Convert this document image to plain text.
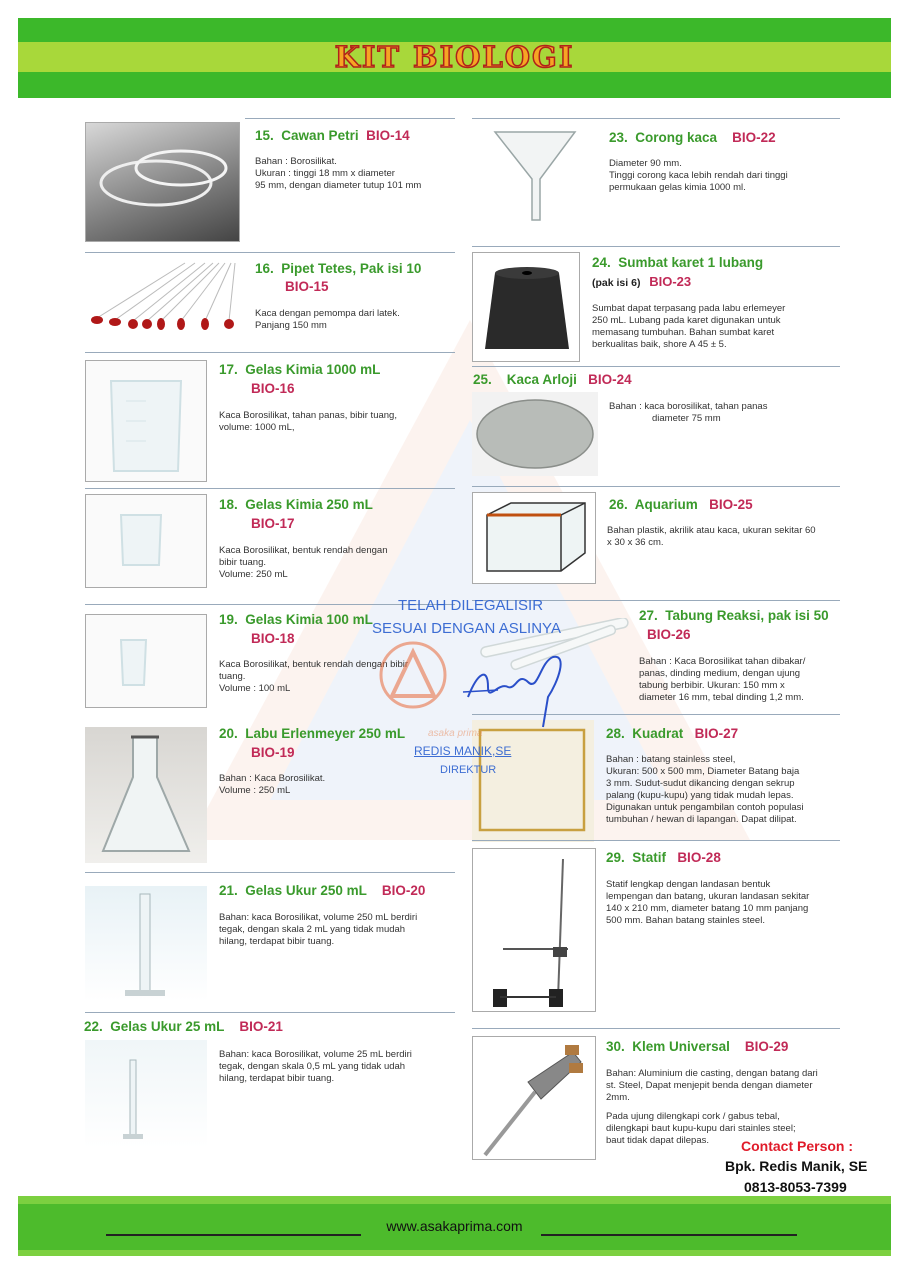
KIT BIOLOGI
15. Cawan Petri BIO-14
Bahan : Borosilikat.
Ukuran : tinggi 18 mm x diameter
95 mm, dengan diameter tutup 101 mm
16. Pipet Tetes, Pak isi 10
BIO-15
Kaca dengan pemompa dari latek.
Panjang 150 mm
17. Gelas Kimia 1000 mL
BIO-16
Kaca Borosilikat, tahan panas, bibir tuang,
volume: 1000 mL,
18. Gelas Kimia 250 mL
BIO-17
Kaca Borosilikat, bentuk rendah dengan
bibir tuang.
Volume: 250 mL
19. Gelas Kimia 100 mL
BIO-18
Kaca Borosilikat, bentuk rendah dengan bibir
tuang.
Volume : 100 mL
20. Labu Erlenmeyer 250 mL
BIO-19
Bahan : Kaca Borosilikat.
Volume : 250 mL
21. Gelas Ukur 250 mL BIO-20
Bahan: kaca Borosilikat, volume 250 mL berdiri
tegak, dengan skala 2 mL yang tidak mudah
hilang, terdapat bibir tuang.
22. Gelas Ukur 25 mL BIO-21
Bahan: kaca Borosilikat, volume 25 mL berdiri
tegak, dengan skala 0,5 mL yang tidak udah
hilang, terdapat bibir tuang.
23. Corong kaca BIO-22
Diameter 90 mm.
Tinggi corong kaca lebih rendah dari tinggi
permukaan gelas kimia 1000 ml.
24. Sumbat karet 1 lubang
(pak isi 6) BIO-23
Sumbat dapat terpasang pada labu erlemeyer
250 mL. Lubang pada karet digunakan untuk
memasang tumbuhan. Bahan sumbat karet
berkualitas baik, shore A 45 ± 5.
25. Kaca Arloji BIO-24
Bahan : kaca borosilikat, tahan panas
diameter 75 mm
26. Aquarium BIO-25
Bahan plastik, akrilik atau kaca, ukuran sekitar 60
x 30 x 36 cm.
27. Tabung Reaksi, pak isi 50
BIO-26
Bahan : Kaca Borosilikat tahan dibakar/
panas, dinding medium, dengan ujung
tabung berbibir. Ukuran: 150 mm x
diameter 16 mm, tebal dinding 1,2 mm.
28. Kuadrat BIO-27
Bahan : batang stainless steel,
Ukuran: 500 x 500 mm, Diameter Batang baja
3 mm. Sudut-sudut dikancing dengan sekrup
palang (kupu-kupu) yang tidak mudah lepas.
Digunakan untuk pengambilan contoh populasi
tumbuhan / hewan di lapangan. Dapat dilipat.
29. Statif BIO-28
Statif lengkap dengan landasan bentuk
lempengan dan batang, ukuran landasan sekitar
140 x 210 mm, diameter batang 10 mm panjang
500 mm. Bahan batang stainles steel.
30. Klem Universal BIO-29
Bahan: Aluminium die casting, dengan batang dari
st. Steel, Dapat menjepit benda dengan diameter
2mm.
Pada ujung dilengkapi cork / gabus tebal,
dilengkapi baut kupu-kupu dari stainles steel;
baut tidak dapat dilepas.
TELAH DILEGALISIR
SESUAI DENGAN ASLINYA
asaka prima
REDIS MANIK,SE
DIREKTUR
Contact Person :
Bpk. Redis Manik, SE
0813-8053-7399
www.asakaprima.com
